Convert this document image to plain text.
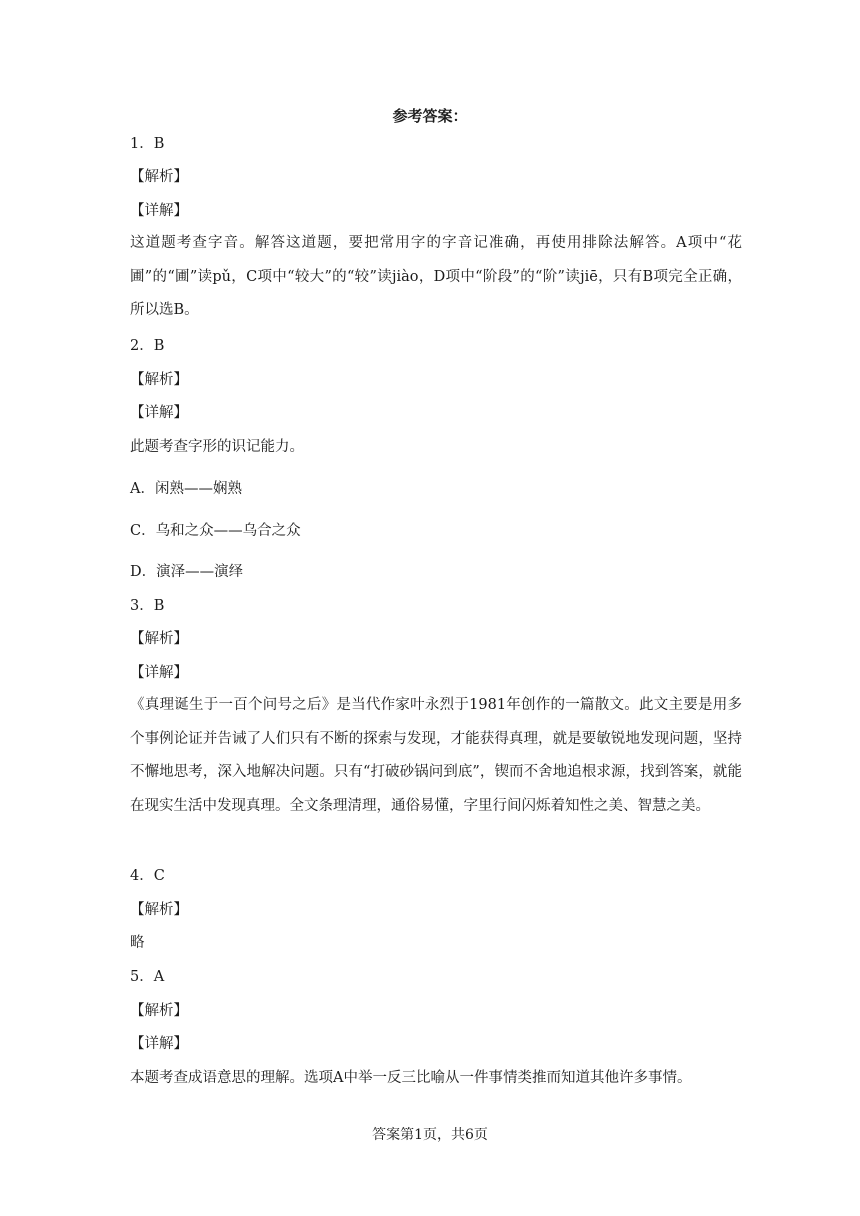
参考答案：
1．B
【解析】
【详解】
这道题考查字音。解答这道题，要把常用字的字音记准确，再使用排除法解答。A项中“花圃”的“圃”读pǔ，C项中“较大”的“较”读jiào，D项中“阶段”的“阶”读jiē，只有B项完全正确，所以选B。
2．B
【解析】
【详解】
此题考查字形的识记能力。
A．闲熟——娴熟
C．乌和之众——乌合之众
D．演泽——演绎
3．B
【解析】
【详解】
《真理诞生于一百个问号之后》是当代作家叶永烈于1981年创作的一篇散文。此文主要是用多个事例论证并告诫了人们只有不断的探索与发现，才能获得真理，就是要敏锐地发现问题，坚持不懈地思考，深入地解决问题。只有“打破砂锅问到底”，锲而不舍地追根求源，找到答案，就能在现实生活中发现真理。全文条理清理，通俗易懂，字里行间闪烁着知性之美、智慧之美。
4．C
【解析】
略
5．A
【解析】
【详解】
本题考查成语意思的理解。选项A中举一反三比喻从一件事情类推而知道其他许多事情。
答案第1页，共6页
